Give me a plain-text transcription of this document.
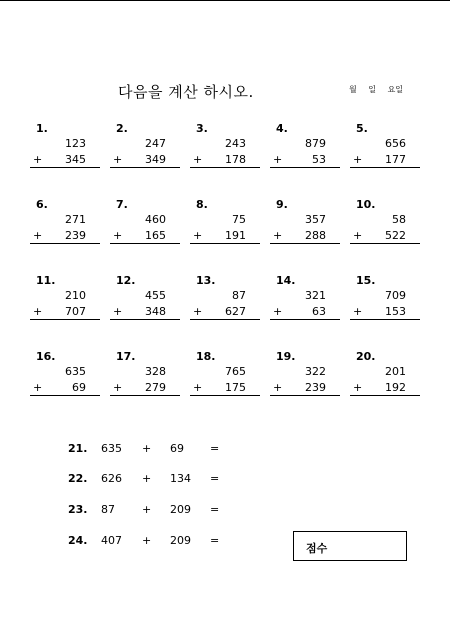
다음을 계산 하시오.	월 일 요일
1.
123
+ 345
2.
247
+ 349
3.
243
+ 178
4.
879
+	53
5.
656
+ 177
6.
271
+ 239
7.
460
+ 165
8.
75
+ 191
9.
357
+ 288
10.
58
+ 522
11.
210
+ 707
12.
455
+ 348
13.
87
+ 627
14.
321
+	63
15.
709
+ 153
16.
635
+	69
17.
328
+ 279
18.
765
+ 175
19.
322
+ 239
20.
201
+ 192
21. 635 + 69 =
22. 626 + 134 =
23. 87 + 209 =
24. 407 + 209 =
점수
